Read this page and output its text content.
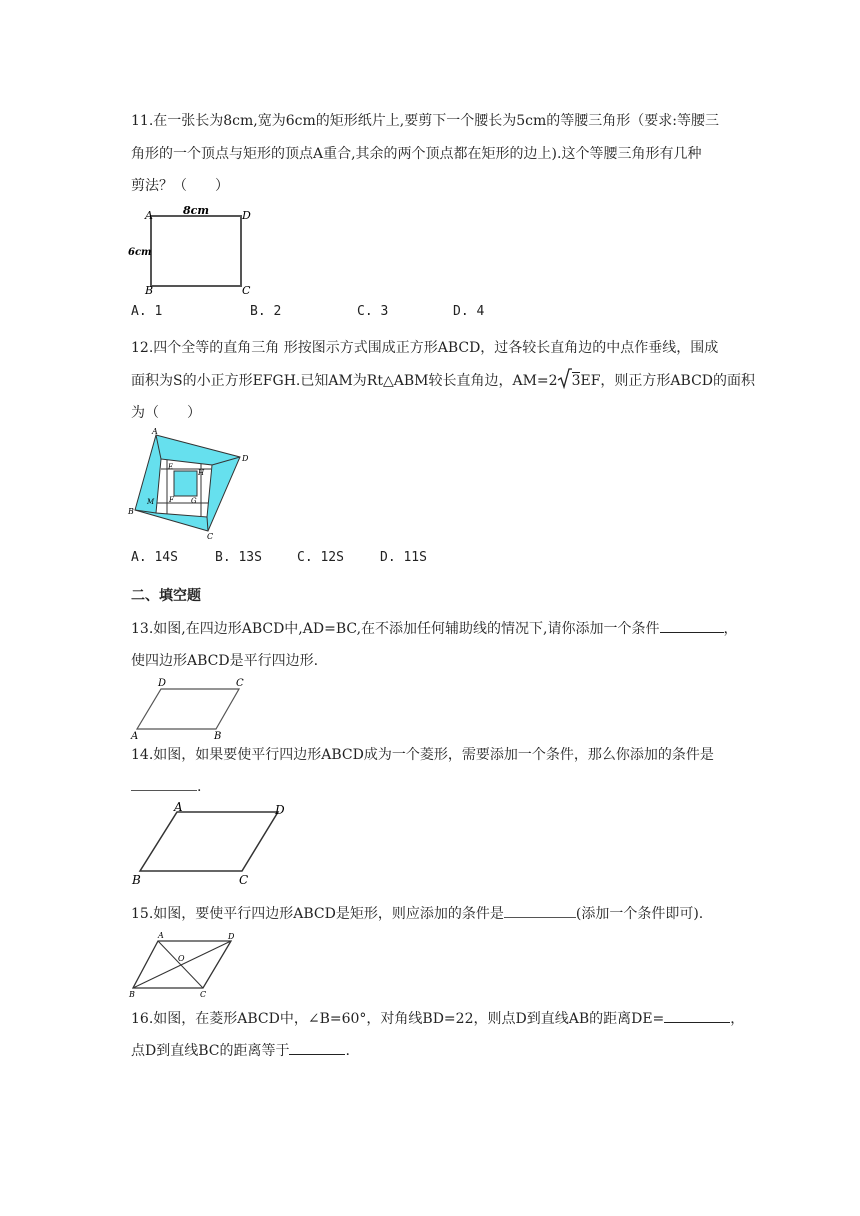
11.在一张长为8cm,宽为6cm的矩形纸片上,要剪下一个腰长为5cm的等腰三角形（要求:等腰三
角形的一个顶点与矩形的顶点A重合,其余的两个顶点都在矩形的边上).这个等腰三角形有几种
剪法？（　　）
A	D
B	C
8cm
6cm
A. 1	B. 2	C. 3	D. 4
12.四个全等的直角三角 形按图示方式围成正方形ABCD，过各较长直角边的中点作垂线，围成
面积为S的小正方形EFGH.已知AM为Rt△ABM较长直角边，AM=2 3EF，则正方形ABCD的面积
为（　　）
A
D
C
B
E
H
F G
M
A. 14S	B. 13S	C. 12S	D. 11S
二、填空题
13.如图,在四边形ABCD中,AD=BC,在不添加任何辅助线的情况下,请你添加一个条件	，
使四边形ABCD是平行四边形.
D	C
A	B
14.如图，如果要使平行四边形ABCD成为一个菱形，需要添加一个条件，那么你添加的条件是
.
A	D
B	C
15.如图，要使平行四边形ABCD是矩形，则应添加的条件是	(添加一个条件即可).
A	D
B	C
O
16.如图，在菱形ABCD中，∠B=60°，对角线BD=22，则点D到直线AB的距离DE=	，
点D到直线BC的距离等于	.
